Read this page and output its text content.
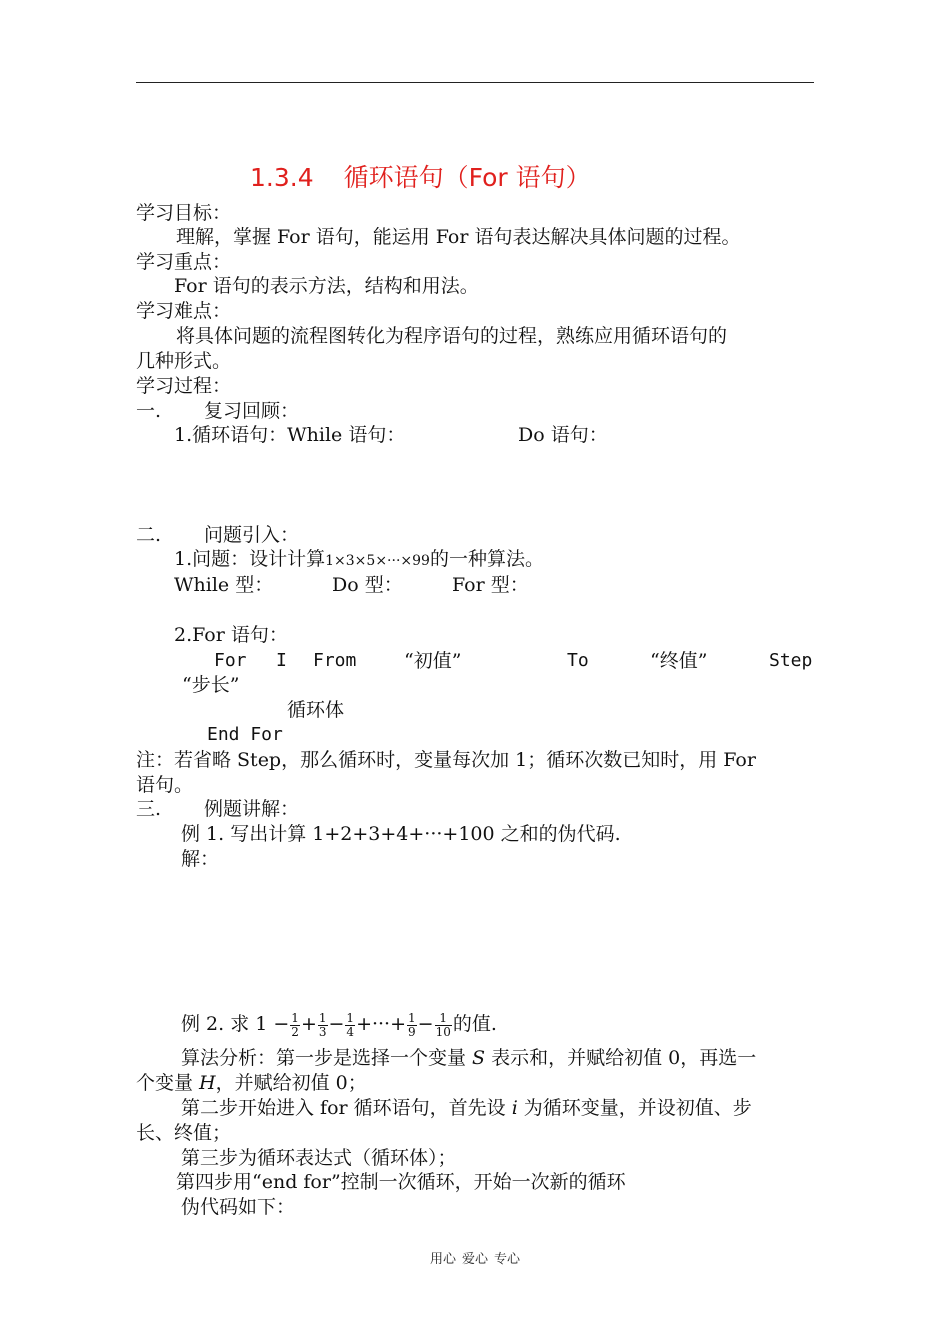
1.3.4 循环语句（For 语句）
学习目标：
理解，掌握 For 语句，能运用 For 语句表达解决具体问题的过程。
学习重点：
For 语句的表示方法，结构和用法。
学习难点：
将具体问题的流程图转化为程序语句的过程，熟练应用循环语句的
几种形式。
学习过程：
一. 复习回顾：
1.循环语句：While 语句：	Do 语句：
二. 问题引入：
1.问题：设计计算1×3×5×···×99的一种算法。
While 型：	Do 型：	For 型：
2.For 语句：
For I From	“初值”	To	“终值”	Step
“步长”
循环体
End For
注：若省略 Step，那么循环时，变量每次加 1；循环次数已知时，用 For
语句。
三. 例题讲解：
例 1. 写出计算 1+2+3+4+···+100 之和的伪代码.
解：
例 2. 求 $1 - \frac{1}{2} + \frac{1}{3} - \frac{1}{4}$ +···+ $\frac{1}{9} - \frac{1}{10}$ 的值.
算法分析：第一步是选择一个变量 S 表示和，并赋给初值 0，再选一
个变量 H，并赋给初值 0；
第二步开始进入 for 循环语句，首先设 i 为循环变量，并设初值、步
长、终值；
第三步为循环表达式（循环体）；
第四步用“end for”控制一次循环，开始一次新的循环
伪代码如下：
用心 爱心 专心
